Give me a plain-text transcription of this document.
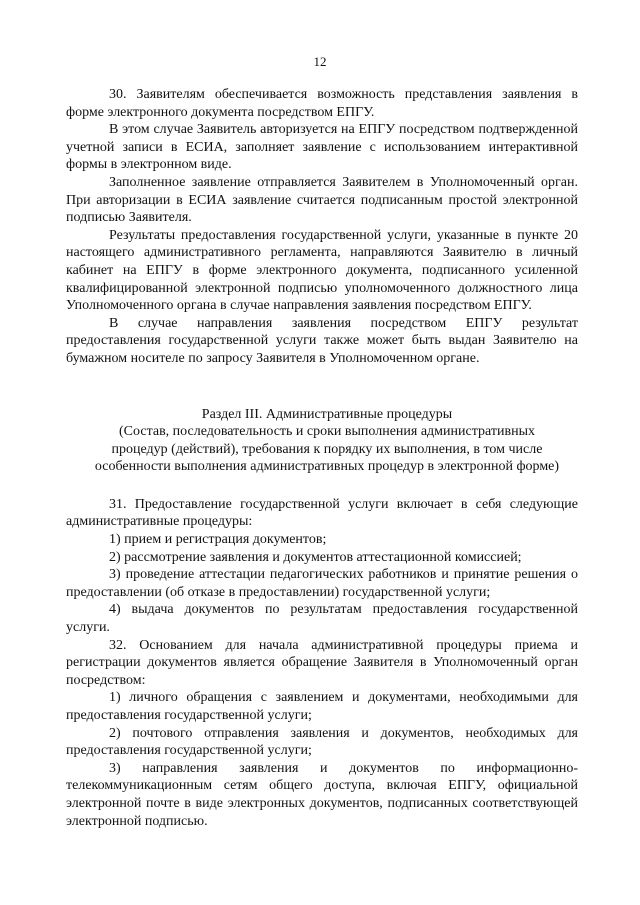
12

30. Заявителям обеспечивается возможность представления заявления в форме электронного документа посредством ЕПГУ.

В этом случае Заявитель авторизуется на ЕПГУ посредством подтвержденной учетной записи в ЕСИА, заполняет заявление с использованием интерактивной формы в электронном виде.

Заполненное заявление отправляется Заявителем в Уполномоченный орган. При авторизации в ЕСИА заявление считается подписанным простой электронной подписью Заявителя.

Результаты предоставления государственной услуги, указанные в пункте 20 настоящего административного регламента, направляются Заявителю в личный кабинет на ЕПГУ в форме электронного документа, подписанного усиленной квалифицированной электронной подписью уполномоченного должностного лица Уполномоченного органа в случае направления заявления посредством ЕПГУ.

В случае направления заявления посредством ЕПГУ результат предоставления государственной услуги также может быть выдан Заявителю на бумажном носителе по запросу Заявителя в Уполномоченном органе.

Раздел III. Административные процедуры
(Состав, последовательность и сроки выполнения административных
процедур (действий), требования к порядку их выполнения, в том числе
особенности выполнения административных процедур в электронной форме)

31. Предоставление государственной услуги включает в себя следующие административные процедуры:

1) прием и регистрация документов;

2) рассмотрение заявления и документов аттестационной комиссией;

3) проведение аттестации педагогических работников и принятие решения о предоставлении (об отказе в предоставлении) государственной услуги;

4) выдача документов по результатам предоставления государственной услуги.

32. Основанием для начала административной процедуры приема и регистрации документов является обращение Заявителя в Уполномоченный орган посредством:

1) личного обращения с заявлением и документами, необходимыми для предоставления государственной услуги;

2) почтового отправления заявления и документов, необходимых для предоставления государственной услуги;

3) направления заявления и документов по информационно-телекоммуникационным сетям общего доступа, включая ЕПГУ, официальной электронной почте в виде электронных документов, подписанных соответствующей электронной подписью.
